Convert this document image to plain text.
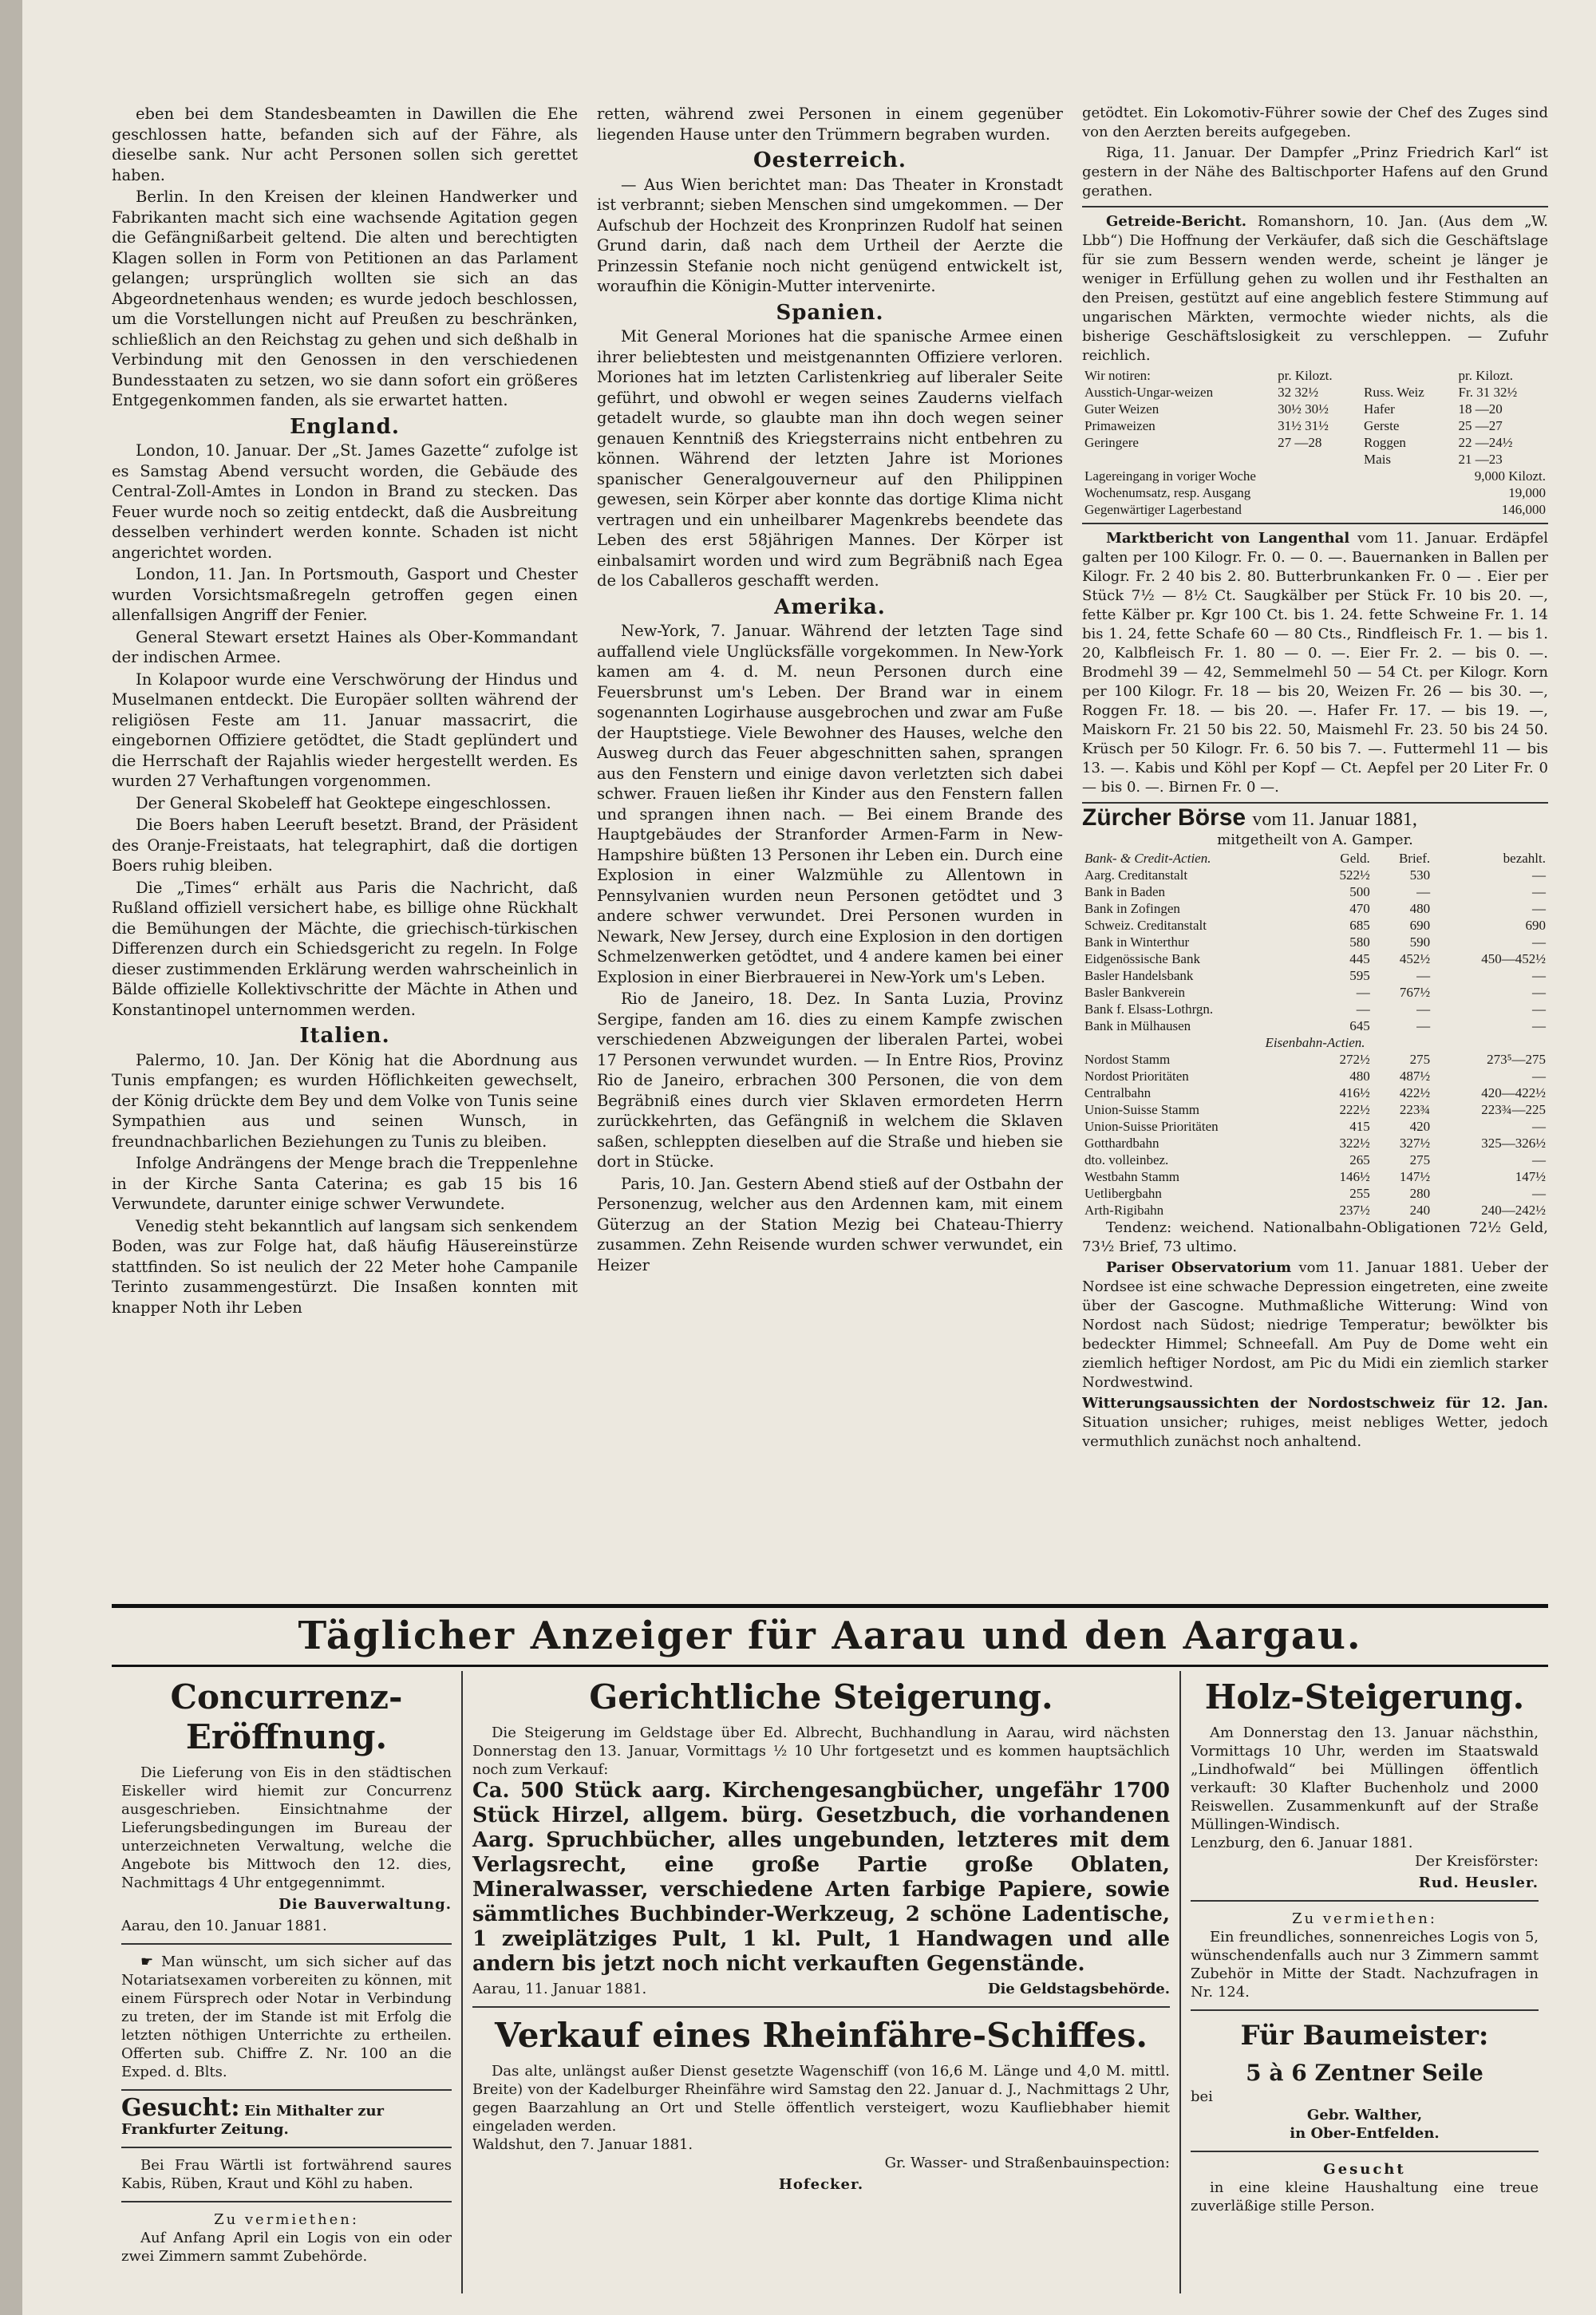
eben bei dem Standesbeamten in Dawillen die Ehe geschlossen hatte, befanden sich auf der Fähre, als dieselbe sank. Nur acht Personen sollen sich gerettet haben.

Berlin. In den Kreisen der kleinen Handwerker und Fabrikanten macht sich eine wachsende Agitation gegen die Gefängnißarbeit geltend. Die alten und berechtigten Klagen sollen in Form von Petitionen an das Parlament gelangen; ursprünglich wollten sie sich an das Abgeordnetenhaus wenden; es wurde jedoch beschlossen, um die Vorstellungen nicht auf Preußen zu beschränken, schließlich an den Reichstag zu gehen und sich deßhalb in Verbindung mit den Genossen in den verschiedenen Bundesstaaten zu setzen, wo sie dann sofort ein größeres Entgegenkommen fanden, als sie erwartet hatten.

England.

London, 10. Januar. Der „St. James Gazette“ zufolge ist es Samstag Abend versucht worden, die Gebäude des Central-Zoll-Amtes in London in Brand zu stecken. Das Feuer wurde noch so zeitig entdeckt, daß die Ausbreitung desselben verhindert werden konnte. Schaden ist nicht angerichtet worden.

London, 11. Jan. In Portsmouth, Gasport und Chester wurden Vorsichtsmaßregeln getroffen gegen einen allenfallsigen Angriff der Fenier.

General Stewart ersetzt Haines als Ober-Kommandant der indischen Armee.

In Kolapoor wurde eine Verschwörung der Hindus und Muselmanen entdeckt. Die Europäer sollten während der religiösen Feste am 11. Januar massacrirt, die eingebornen Offiziere getödtet, die Stadt geplündert und die Herrschaft der Rajahlis wieder hergestellt werden. Es wurden 27 Verhaftungen vorgenommen.

Der General Skobeleff hat Geoktepe eingeschlossen.

Die Boers haben Leeruft besetzt. Brand, der Präsident des Oranje-Freistaats, hat telegraphirt, daß die dortigen Boers ruhig bleiben.

Die „Times“ erhält aus Paris die Nachricht, daß Rußland offiziell versichert habe, es billige ohne Rückhalt die Bemühungen der Mächte, die griechisch-türkischen Differenzen durch ein Schiedsgericht zu regeln. In Folge dieser zustimmenden Erklärung werden wahrscheinlich in Bälde offizielle Kollektivschritte der Mächte in Athen und Konstantinopel unternommen werden.

Italien.

Palermo, 10. Jan. Der König hat die Abordnung aus Tunis empfangen; es wurden Höflichkeiten gewechselt, der König drückte dem Bey und dem Volke von Tunis seine Sympathien aus und seinen Wunsch, in freundnachbarlichen Beziehungen zu Tunis zu bleiben.

Infolge Andrängens der Menge brach die Treppenlehne in der Kirche Santa Caterina; es gab 15 bis 16 Verwundete, darunter einige schwer Verwundete.

Venedig steht bekanntlich auf langsam sich senkendem Boden, was zur Folge hat, daß häufig Häusereinstürze stattfinden. So ist neulich der 22 Meter hohe Campanile Terinto zusammengestürzt. Die Insaßen konnten mit knapper Noth ihr Leben

retten, während zwei Personen in einem gegenüber liegenden Hause unter den Trümmern begraben wurden.

Oesterreich.

— Aus Wien berichtet man: Das Theater in Kronstadt ist verbrannt; sieben Menschen sind umgekommen. — Der Aufschub der Hochzeit des Kronprinzen Rudolf hat seinen Grund darin, daß nach dem Urtheil der Aerzte die Prinzessin Stefanie noch nicht genügend entwickelt ist, woraufhin die Königin-Mutter intervenirte.

Spanien.

Mit General Moriones hat die spanische Armee einen ihrer beliebtesten und meistgenannten Offiziere verloren. Moriones hat im letzten Carlistenkrieg auf liberaler Seite geführt, und obwohl er wegen seines Zauderns vielfach getadelt wurde, so glaubte man ihn doch wegen seiner genauen Kenntniß des Kriegsterrains nicht entbehren zu können. Während der letzten Jahre ist Moriones spanischer Generalgouverneur auf den Philippinen gewesen, sein Körper aber konnte das dortige Klima nicht vertragen und ein unheilbarer Magenkrebs beendete das Leben des erst 58jährigen Mannes. Der Körper ist einbalsamirt worden und wird zum Begräbniß nach Egea de los Caballeros geschafft werden.

Amerika.

New-York, 7. Januar. Während der letzten Tage sind auffallend viele Unglücksfälle vorgekommen. In New-York kamen am 4. d. M. neun Personen durch eine Feuersbrunst um's Leben. Der Brand war in einem sogenannten Logirhause ausgebrochen und zwar am Fuße der Hauptstiege. Viele Bewohner des Hauses, welche den Ausweg durch das Feuer abgeschnitten sahen, sprangen aus den Fenstern und einige davon verletzten sich dabei schwer. Frauen ließen ihr Kinder aus den Fenstern fallen und sprangen ihnen nach. — Bei einem Brande des Hauptgebäudes der Stranforder Armen-Farm in New-Hampshire büßten 13 Personen ihr Leben ein. Durch eine Explosion in einer Walzmühle zu Allentown in Pennsylvanien wurden neun Personen getödtet und 3 andere schwer verwundet. Drei Personen wurden in Newark, New Jersey, durch eine Explosion in den dortigen Schmelzenwerken getödtet, und 4 andere kamen bei einer Explosion in einer Bierbrauerei in New-York um's Leben.

Rio de Janeiro, 18. Dez. In Santa Luzia, Provinz Sergipe, fanden am 16. dies zu einem Kampfe zwischen verschiedenen Abzweigungen der liberalen Partei, wobei 17 Personen verwundet wurden. — In Entre Rios, Provinz Rio de Janeiro, erbrachen 300 Personen, die von dem Begräbniß eines durch vier Sklaven ermordeten Herrn zurückkehrten, das Gefängniß in welchem die Sklaven saßen, schleppten dieselben auf die Straße und hieben sie dort in Stücke.

Paris, 10. Jan. Gestern Abend stieß auf der Ostbahn der Personenzug, welcher aus den Ardennen kam, mit einem Güterzug an der Station Mezig bei Chateau-Thierry zusammen. Zehn Reisende wurden schwer verwundet, ein Heizer

getödtet. Ein Lokomotiv-Führer sowie der Chef des Zuges sind von den Aerzten bereits aufgegeben.

Riga, 11. Januar. Der Dampfer „Prinz Friedrich Karl“ ist gestern in der Nähe des Baltischporter Hafens auf den Grund gerathen.

Getreide-Bericht. Romanshorn, 10. Jan. (Aus dem „W. Lbb“) Die Hoffnung der Verkäufer, daß sich die Geschäftslage für sie zum Bessern wenden werde, scheint je länger je weniger in Erfüllung gehen zu wollen und ihr Festhalten an den Preisen, gestützt auf eine angeblich festere Stimmung auf ungarischen Märkten, vermochte wieder nichts, als die bisherige Geschäftslosigkeit zu verschleppen. — Zufuhr reichlich.

Wir notiren:	pr. Kilozt.		pr. Kilozt.
Ausstich-Ungar-weizen	32 32½	Russ. Weiz	Fr. 31 32½
Guter Weizen	30½ 30½	Hafer	18 —20
Primaweizen	31½ 31½	Gerste	25 —27
Geringere	27 —28	Roggen	22 —24½
		Mais	21 —23
Lagereingang in voriger Woche	9,000 Kilozt.
Wochenumsatz, resp. Ausgang	19,000
Gegenwärtiger Lagerbestand	146,000

Marktbericht von Langenthal vom 11. Januar. Erdäpfel galten per 100 Kilogr. Fr. 0. — 0. —. Bauernanken in Ballen per Kilogr. Fr. 2 40 bis 2. 80. Butterbrunkanken Fr. 0 — . Eier per Stück 7½ — 8½ Ct. Saugkälber per Stück Fr. 10 bis 20. —, fette Kälber pr. Kgr 100 Ct. bis 1. 24. fette Schweine Fr. 1. 14 bis 1. 24, fette Schafe 60 — 80 Cts., Rindfleisch Fr. 1. — bis 1. 20, Kalbfleisch Fr. 1. 80 — 0. —. Eier Fr. 2. — bis 0. —. Brodmehl 39 — 42, Semmelmehl 50 — 54 Ct. per Kilogr. Korn per 100 Kilogr. Fr. 18 — bis 20, Weizen Fr. 26 — bis 30. —, Roggen Fr. 18. — bis 20. —. Hafer Fr. 17. — bis 19. —, Maiskorn Fr. 21 50 bis 22. 50, Maismehl Fr. 23. 50 bis 24 50. Krüsch per 50 Kilogr. Fr. 6. 50 bis 7. —. Futtermehl 11 — bis 13. —. Kabis und Köhl per Kopf — Ct. Aepfel per 20 Liter Fr. 0 — bis 0. —. Birnen Fr. 0 —.

Zürcher Börse vom 11. Januar 1881,
mitgetheilt von A. Gamper.
Bank- & Credit-Actien.	Geld.	Brief.	bezahlt.
Aarg. Creditanstalt	522½	530	—
Bank in Baden	500	—	—
Bank in Zofingen	470	480	—
Schweiz. Creditanstalt	685	690	690
Bank in Winterthur	580	590	—
Eidgenössische Bank	445	452½	450—452½
Basler Handelsbank	595	—	—
Basler Bankverein	—	767½	—
Bank f. Elsass-Lothrgn.	—	—	—
Bank in Mülhausen	645	—	—
Eisenbahn-Actien.			
Nordost Stamm	272½	275	273⁵—275
Nordost Prioritäten	480	487½	—
Centralbahn	416½	422½	420—422½
Union-Suisse Stamm	222½	223¾	223¾—225
Union-Suisse Prioritäten	415	420	—
Gotthardbahn	322½	327½	325—326½
dto. volleinbez.	265	275	—
Westbahn Stamm	146½	147½	147½
Uetlibergbahn	255	280	—
Arth-Rigibahn	237½	240	240—242½

Tendenz: weichend. Nationalbahn-Obligationen 72½ Geld, 73½ Brief, 73 ultimo.

Pariser Observatorium vom 11. Januar 1881. Ueber der Nordsee ist eine schwache Depression eingetreten, eine zweite über der Gascogne. Muthmaßliche Witterung: Wind von Nordost nach Südost; niedrige Temperatur; bewölkter bis bedeckter Himmel; Schneefall. Am Puy de Dome weht ein ziemlich heftiger Nordost, am Pic du Midi ein ziemlich starker Nordwestwind.

Witterungsaussichten der Nordostschweiz für 12. Jan. Situation unsicher; ruhiges, meist nebliges Wetter, jedoch vermuthlich zunächst noch anhaltend.

Täglicher Anzeiger für Aarau und den Aargau.
Concurrenz-Eröffnung.

Die Lieferung von Eis in den städtischen Eiskeller wird hiemit zur Concurrenz ausgeschrieben. Einsichtnahme der Lieferungsbedingungen im Bureau der unterzeichneten Verwaltung, welche die Angebote bis Mittwoch den 12. dies, Nachmittags 4 Uhr entgegennimmt.

Die Bauverwaltung.
Aarau, den 10. Januar 1881.

☛ Man wünscht, um sich sicher auf das Notariatsexamen vorbereiten zu können, mit einem Fürsprech oder Notar in Verbindung zu treten, der im Stande ist mit Erfolg die letzten nöthigen Unterrichte zu ertheilen. Offerten sub. Chiffre Z. Nr. 100 an die Exped. d. Blts.

Gesucht: Ein Mithalter zur Frankfurter Zeitung.

Bei Frau Wärtli ist fortwährend saures Kabis, Rüben, Kraut und Köhl zu haben.

Zu vermiethen:

Auf Anfang April ein Logis von ein oder zwei Zimmern sammt Zubehörde.

Gerichtliche Steigerung.

Die Steigerung im Geldstage über Ed. Albrecht, Buchhandlung in Aarau, wird nächsten Donnerstag den 13. Januar, Vormittags ½ 10 Uhr fortgesetzt und es kommen hauptsächlich noch zum Verkauf:

Ca. 500 Stück aarg. Kirchengesangbücher, ungefähr 1700 Stück Hirzel, allgem. bürg. Gesetzbuch, die vorhandenen Aarg. Spruchbücher, alles ungebunden, letzteres mit dem Verlagsrecht, eine große Partie große Oblaten, Mineralwasser, verschiedene Arten farbige Papiere, sowie sämmtliches Buchbinder-Werkzeug, 2 schöne Ladentische, 1 zweiplätziges Pult, 1 kl. Pult, 1 Handwagen und alle andern bis jetzt noch nicht verkauften Gegenstände.
Aarau, 11. Januar 1881.	Die Geldstagsbehörde.
Verkauf eines Rheinfähre-Schiffes.

Das alte, unlängst außer Dienst gesetzte Wagenschiff (von 16,6 M. Länge und 4,0 M. mittl. Breite) von der Kadelburger Rheinfähre wird Samstag den 22. Januar d. J., Nachmittags 2 Uhr, gegen Baarzahlung an Ort und Stelle öffentlich versteigert, wozu Kaufliebhaber hiemit eingeladen werden.

Waldshut, den 7. Januar 1881.
Gr. Wasser- und Straßenbauinspection:
Hofecker.
Holz-Steigerung.

Am Donnerstag den 13. Januar nächsthin, Vormittags 10 Uhr, werden im Staatswald „Lindhofwald“ bei Müllingen öffentlich verkauft: 30 Klafter Buchenholz und 2000 Reiswellen. Zusammenkunft auf der Straße Müllingen-Windisch.

Lenzburg, den 6. Januar 1881.
Der Kreisförster:
Rud. Heusler.
Zu vermiethen:

Ein freundliches, sonnenreiches Logis von 5, wünschendenfalls auch nur 3 Zimmern sammt Zubehör in Mitte der Stadt. Nachzufragen in Nr. 124.

Für Baumeister:
5 à 6 Zentner Seile
bei
Gebr. Walther,
in Ober-Entfelden.
Gesucht

in eine kleine Haushaltung eine treue zuverläßige stille Person.
